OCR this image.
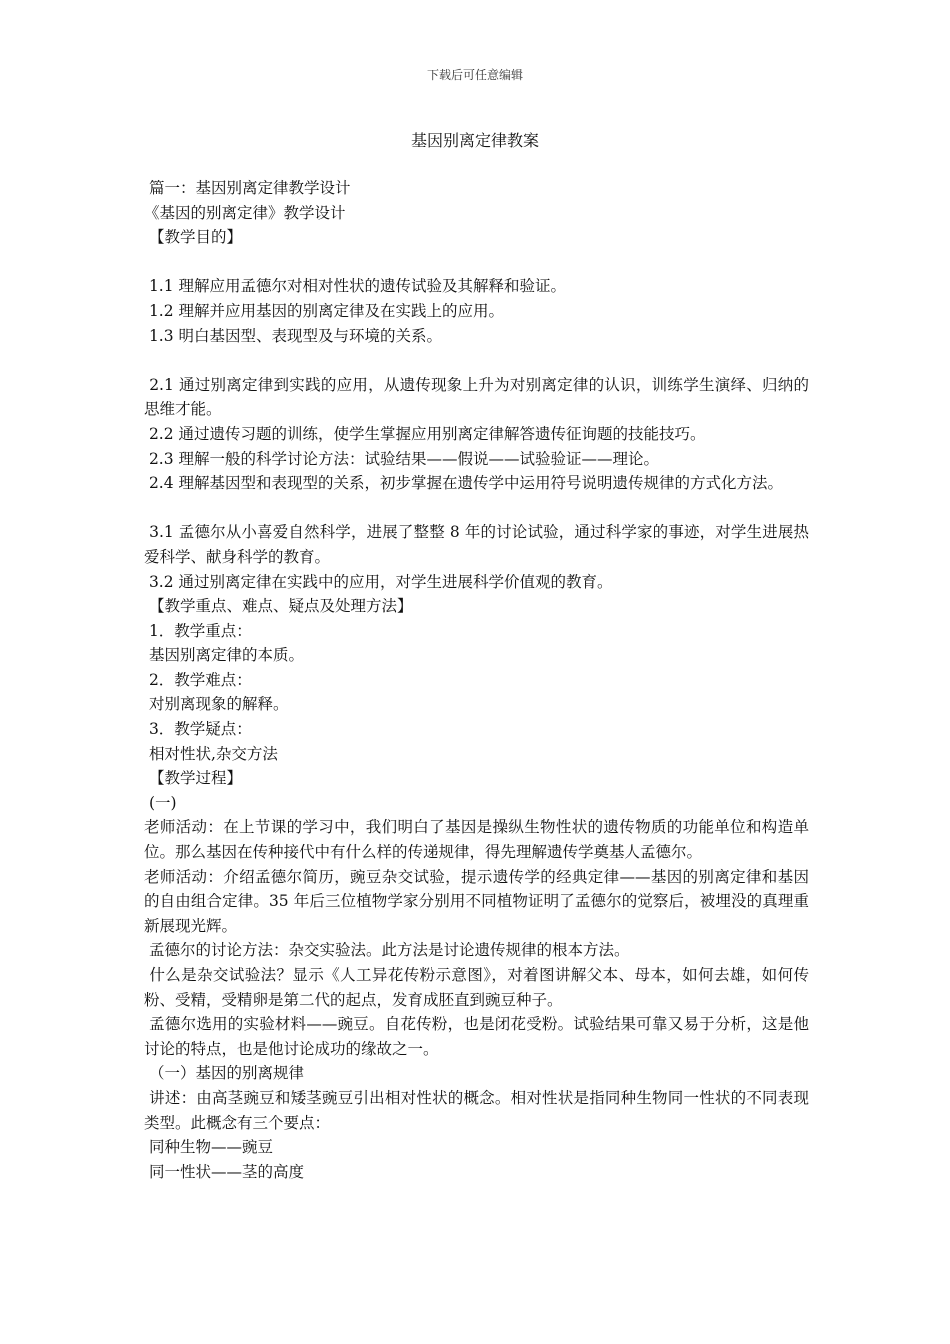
下载后可任意编辑
基因别离定律教案

篇一：基因别离定律教学设计

《基因的别离定律》教学设计

【教学目的】

1.1 理解应用孟德尔对相对性状的遗传试验及其解释和验证。

1.2 理解并应用基因的别离定律及在实践上的应用。

1.3 明白基因型、表现型及与环境的关系。

2.1 通过别离定律到实践的应用，从遗传现象上升为对别离定律的认识，训练学生演绎、归纳的思维才能。

2.2 通过遗传习题的训练，使学生掌握应用别离定律解答遗传征询题的技能技巧。

2.3 理解一般的科学讨论方法：试验结果——假说——试验验证——理论。

2.4 理解基因型和表现型的关系，初步掌握在遗传学中运用符号说明遗传规律的方式化方法。

3.1 孟德尔从小喜爱自然科学，进展了整整 8 年的讨论试验，通过科学家的事迹，对学生进展热爱科学、献身科学的教育。

3.2 通过别离定律在实践中的应用，对学生进展科学价值观的教育。

【教学重点、难点、疑点及处理方法】

1．教学重点：

基因别离定律的本质。

2．教学难点：

对别离现象的解释。

3．教学疑点：

相对性状,杂交方法

【教学过程】

(一)

老师活动：在上节课的学习中，我们明白了基因是操纵生物性状的遗传物质的功能单位和构造单位。那么基因在传种接代中有什么样的传递规律，得先理解遗传学奠基人孟德尔。

老师活动：介绍孟德尔简历，豌豆杂交试验，提示遗传学的经典定律——基因的别离定律和基因的自由组合定律。35 年后三位植物学家分别用不同植物证明了孟德尔的觉察后，被埋没的真理重新展现光辉。

孟德尔的讨论方法：杂交实验法。此方法是讨论遗传规律的根本方法。

什么是杂交试验法？显示《人工异花传粉示意图》，对着图讲解父本、母本，如何去雄，如何传粉、受精，受精卵是第二代的起点，发育成胚直到豌豆种子。

孟德尔选用的实验材料——豌豆。自花传粉，也是闭花受粉。试验结果可靠又易于分析，这是他讨论的特点，也是他讨论成功的缘故之一。

（一）基因的别离规律

讲述：由高茎豌豆和矮茎豌豆引出相对性状的概念。相对性状是指同种生物同一性状的不同表现类型。此概念有三个要点：

同种生物——豌豆

同一性状——茎的高度
